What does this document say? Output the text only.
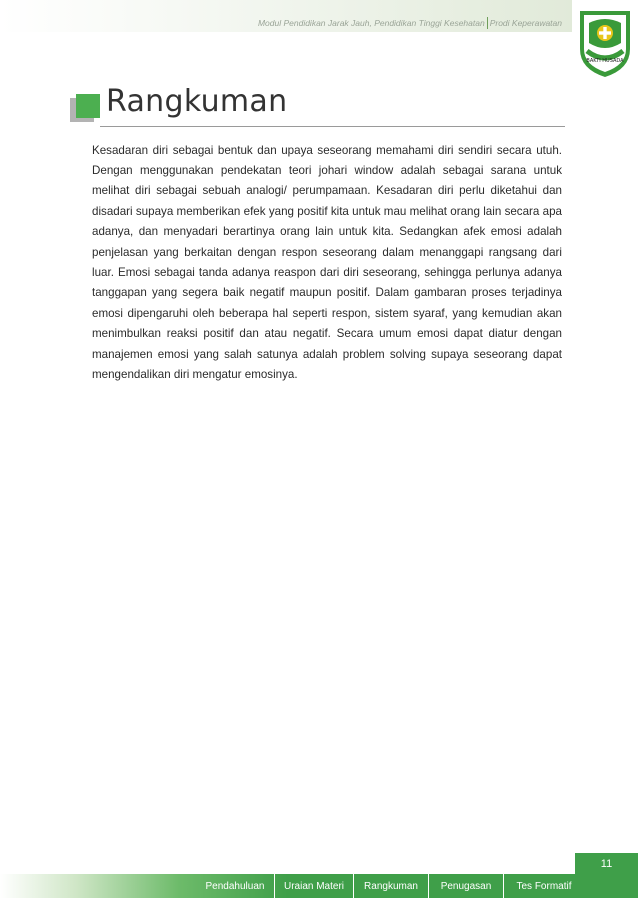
Modul Pendidikan Jarak Jauh, Pendidikan Tinggi Kesehatan Prodi Keperawatan
BAKTI HUSADA
Rangkuman

Kesadaran diri sebagai bentuk dan upaya seseorang memahami diri sendiri secara utuh. Dengan menggunakan pendekatan teori johari window adalah sebagai sarana untuk melihat diri sebagai sebuah analogi/ perumpamaan. Kesadaran diri perlu diketahui dan disadari supaya memberikan efek yang positif kita untuk mau melihat orang lain secara apa adanya, dan menyadari berartinya orang lain untuk kita. Sedangkan afek emosi adalah penjelasan yang berkaitan dengan respon seseorang dalam menanggapi rangsang dari luar. Emosi sebagai tanda adanya reaspon dari diri seseorang, sehingga perlunya adanya tanggapan yang segera baik negatif maupun positif. Dalam gambaran proses terjadinya emosi dipengaruhi oleh beberapa hal seperti respon, sistem syaraf, yang kemudian akan menimbulkan reaksi positif dan atau negatif. Secara umum emosi dapat diatur dengan manajemen emosi yang salah satunya adalah problem solving supaya seseorang dapat mengendalikan diri mengatur emosinya.

11
Pendahuluan	Uraian Materi	Rangkuman	Penugasan	Tes Formatif
